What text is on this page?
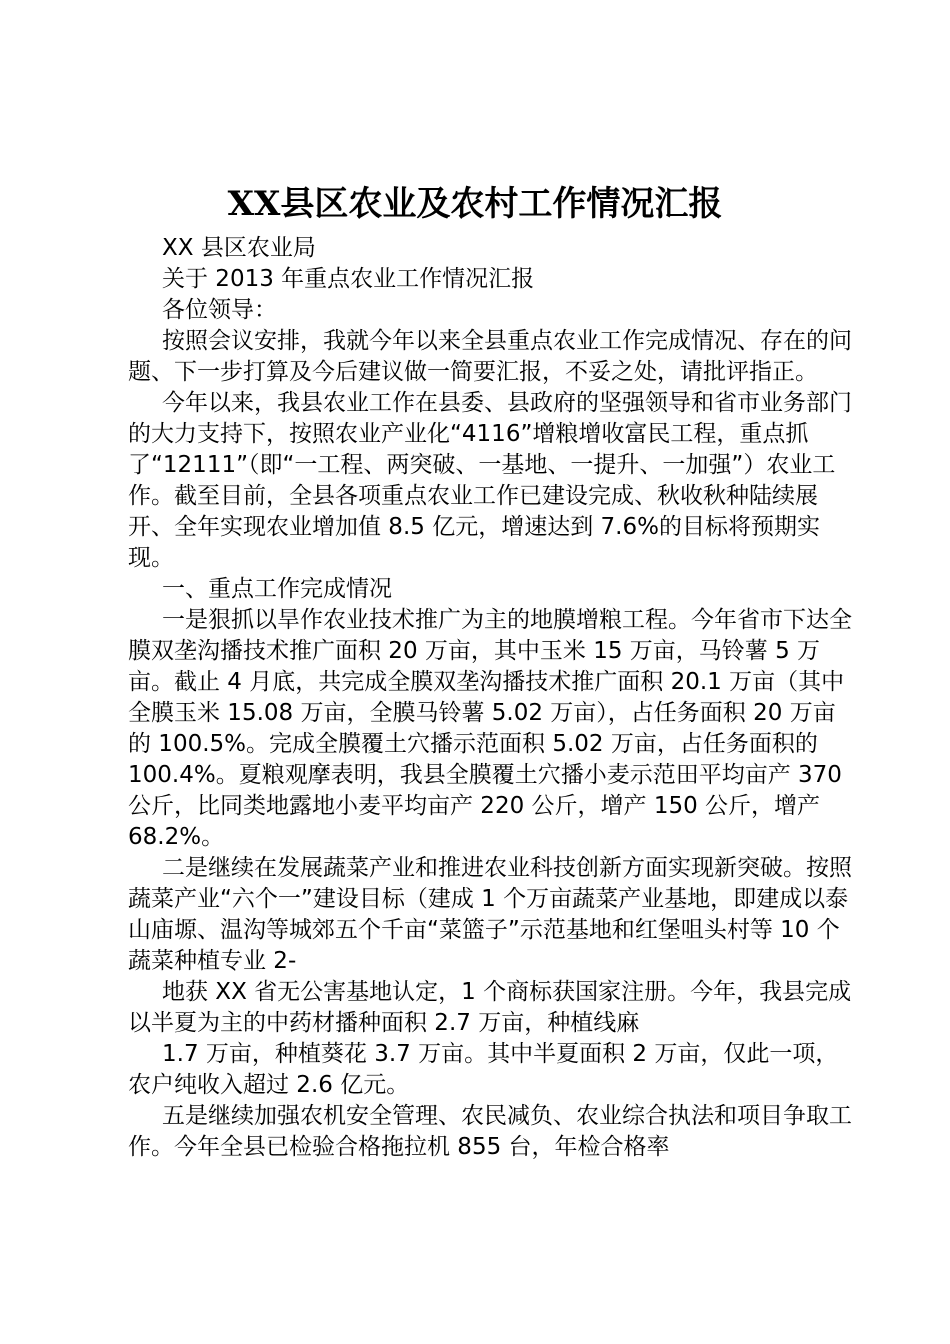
XX县区农业及农村工作情况汇报

XX 县区农业局

关于 2013 年重点农业工作情况汇报

各位领导：

按照会议安排，我就今年以来全县重点农业工作完成情况、存在的问题、下一步打算及今后建议做一简要汇报，不妥之处，请批评指正。

今年以来，我县农业工作在县委、县政府的坚强领导和省市业务部门的大力支持下，按照农业产业化“4116”增粮增收富民工程，重点抓了“12111”（即“一工程、两突破、一基地、一提升、一加强”）农业工作。截至目前，全县各项重点农业工作已建设完成、秋收秋种陆续展开、全年实现农业增加值 8.5 亿元，增速达到 7.6%的目标将预期实现。

一、重点工作完成情况

一是狠抓以旱作农业技术推广为主的地膜增粮工程。今年省市下达全膜双垄沟播技术推广面积 20 万亩，其中玉米 15 万亩，马铃薯 5 万亩。截止 4 月底，共完成全膜双垄沟播技术推广面积 20.1 万亩（其中全膜玉米 15.08 万亩，全膜马铃薯 5.02 万亩），占任务面积 20 万亩的 100.5%。完成全膜覆土穴播示范面积 5.02 万亩，占任务面积的 100.4%。夏粮观摩表明，我县全膜覆土穴播小麦示范田平均亩产 370 公斤，比同类地露地小麦平均亩产 220 公斤，增产 150 公斤，增产 68.2%。

二是继续在发展蔬菜产业和推进农业科技创新方面实现新突破。按照蔬菜产业“六个一”建设目标（建成 1 个万亩蔬菜产业基地，即建成以泰山庙塬、温沟等城郊五个千亩“菜篮子”示范基地和红堡咀头村等 10 个蔬菜种植专业 2-

地获 XX 省无公害基地认定，1 个商标获国家注册。今年，我县完成以半夏为主的中药材播种面积 2.7 万亩，种植线麻

1.7 万亩，种植葵花 3.7 万亩。其中半夏面积 2 万亩，仅此一项，农户纯收入超过 2.6 亿元。

五是继续加强农机安全管理、农民减负、农业综合执法和项目争取工作。今年全县已检验合格拖拉机 855 台，年检合格率
